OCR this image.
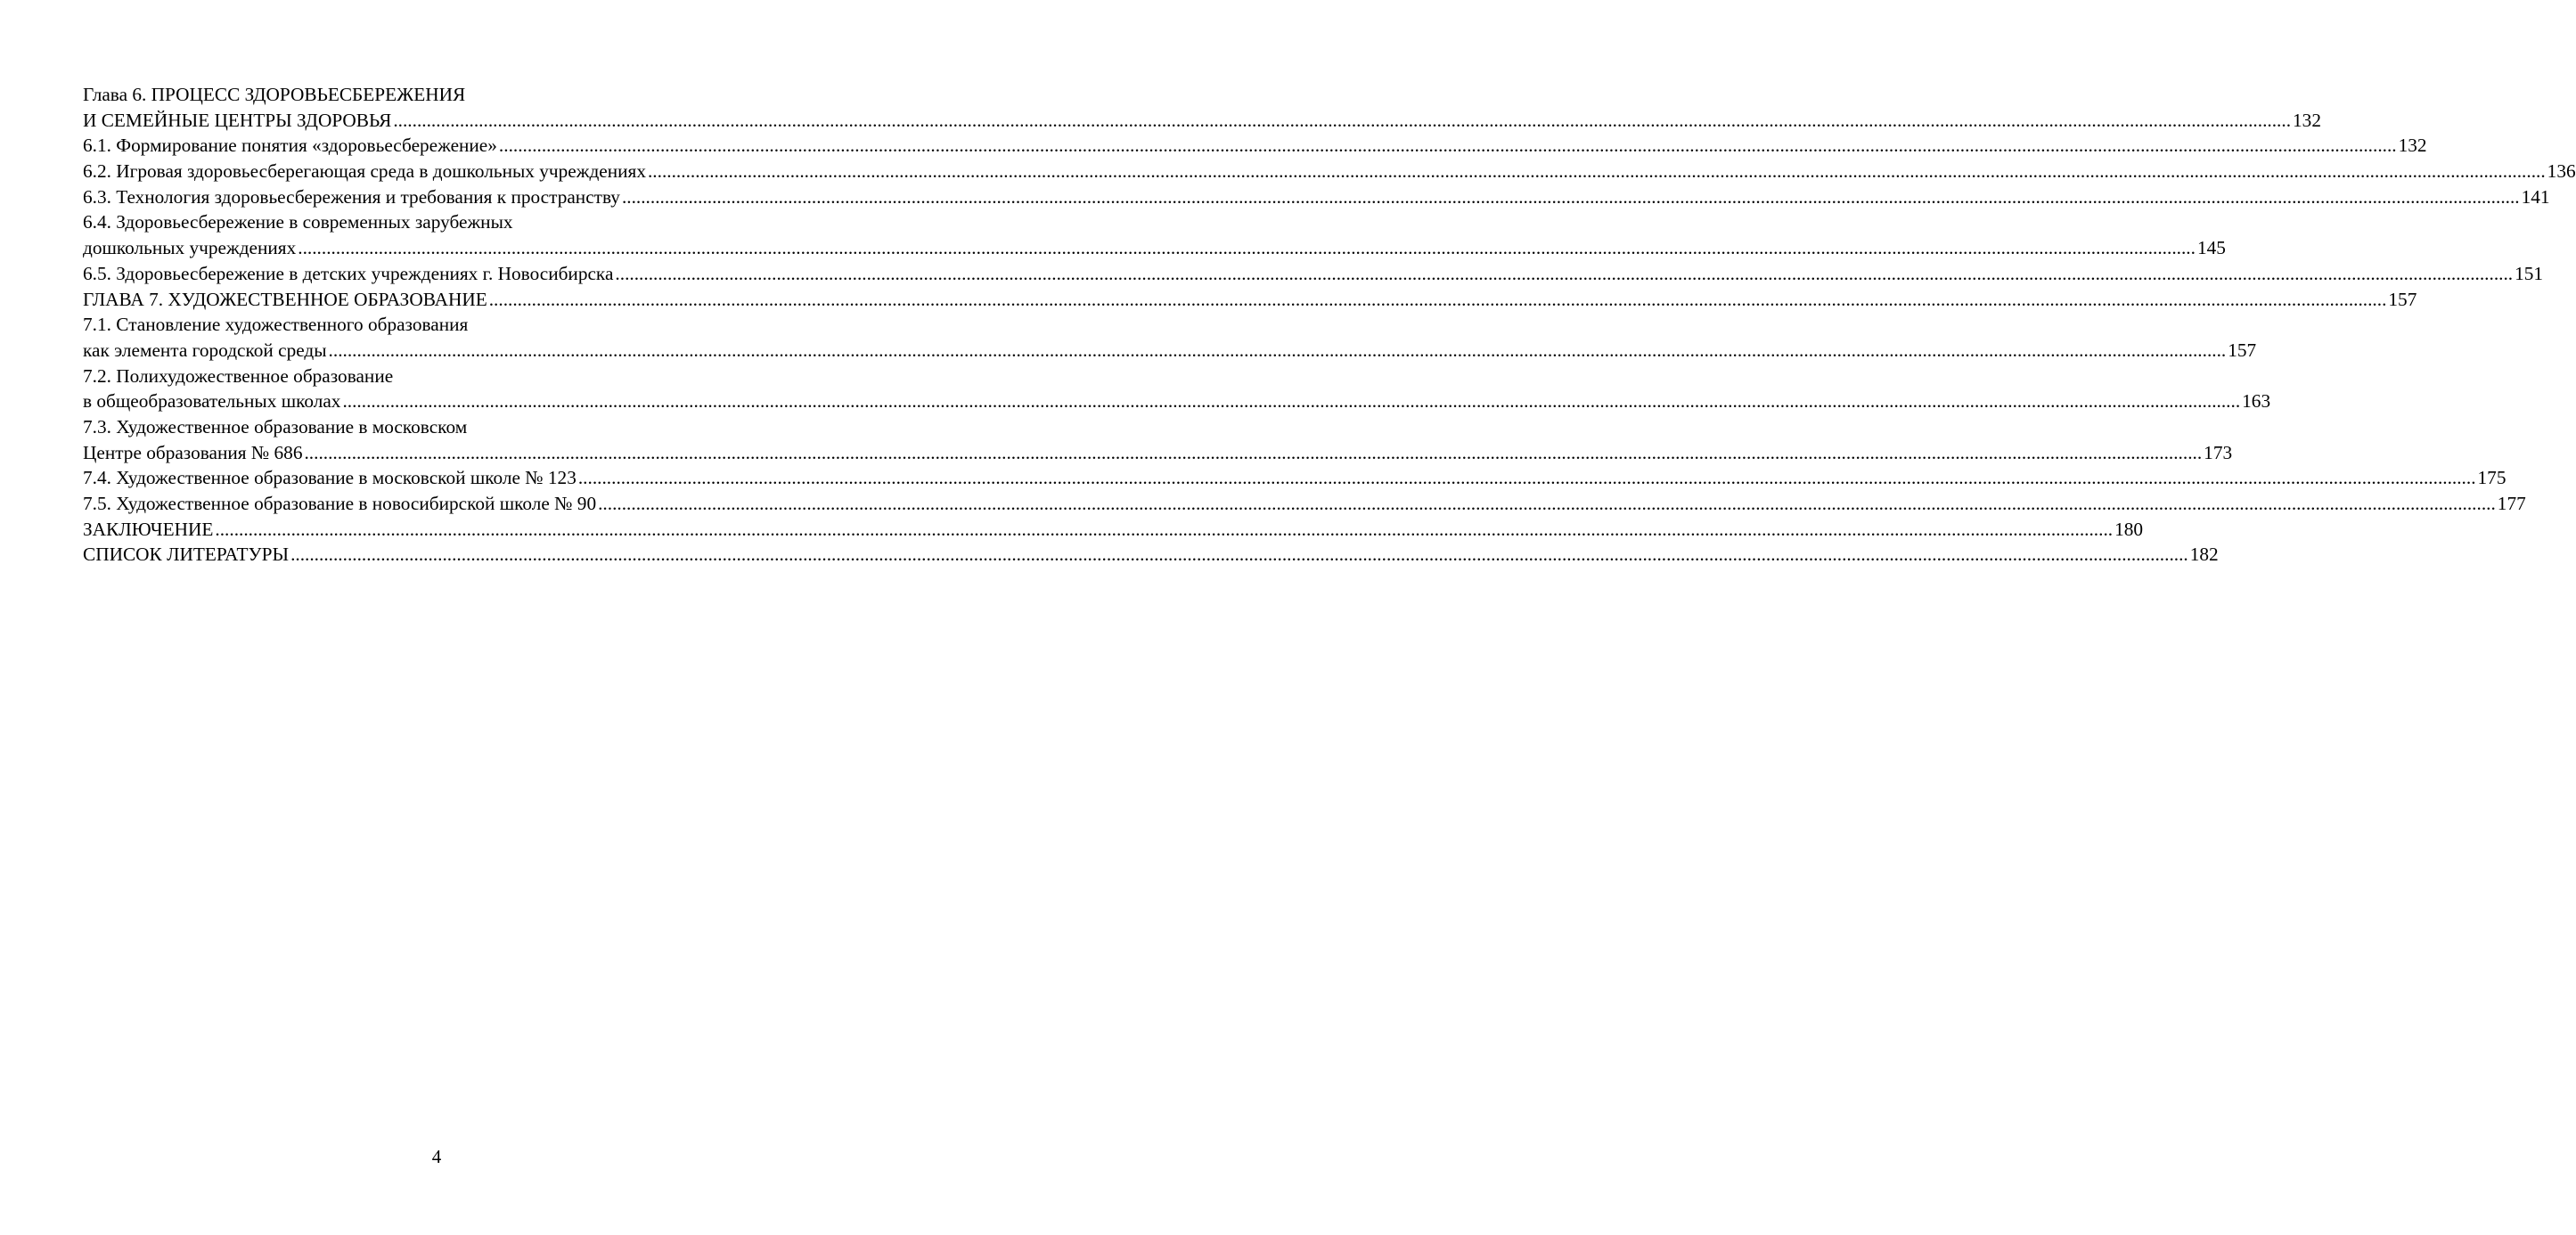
Глава 6. ПРОЦЕСС ЗДОРОВЬЕСБЕРЕЖЕНИЯ
И СЕМЕЙНЫЕ ЦЕНТРЫ ЗДОРОВЬЯ ................................................................................................................................................................................................................................................................................................................................................................................................................ 132
6.1. Формирование понятия «здоровьесбережение» ................................................................................................................................................................................................................................................................................................................................................................................................................ 132
6.2. Игровая здоровьесберегающая среда в дошкольных учреждениях ................................................................................................................................................................................................................................................................................................................................................................................................................ 136
6.3. Технология здоровьесбережения и требования к пространству ................................................................................................................................................................................................................................................................................................................................................................................................................ 141
6.4. Здоровьесбережение в современных зарубежных
дошкольных учреждениях ................................................................................................................................................................................................................................................................................................................................................................................................................ 145
6.5. Здоровьесбережение в детских учреждениях г. Новосибирска ................................................................................................................................................................................................................................................................................................................................................................................................................ 151
ГЛАВА 7. ХУДОЖЕСТВЕННОЕ ОБРАЗОВАНИЕ ................................................................................................................................................................................................................................................................................................................................................................................................................ 157
7.1. Становление художественного образования
как элемента городской среды ................................................................................................................................................................................................................................................................................................................................................................................................................ 157
7.2. Полихудожественное образование
в общеобразовательных школах ................................................................................................................................................................................................................................................................................................................................................................................................................ 163
7.3. Художественное образование в московском
Центре образования № 686 ................................................................................................................................................................................................................................................................................................................................................................................................................ 173
7.4. Художественное образование в московской школе № 123 ................................................................................................................................................................................................................................................................................................................................................................................................................ 175
7.5. Художественное образование в новосибирской школе № 90 ................................................................................................................................................................................................................................................................................................................................................................................................................ 177
ЗАКЛЮЧЕНИЕ ................................................................................................................................................................................................................................................................................................................................................................................................................ 180
СПИСОК ЛИТЕРАТУРЫ ................................................................................................................................................................................................................................................................................................................................................................................................................ 182
4
